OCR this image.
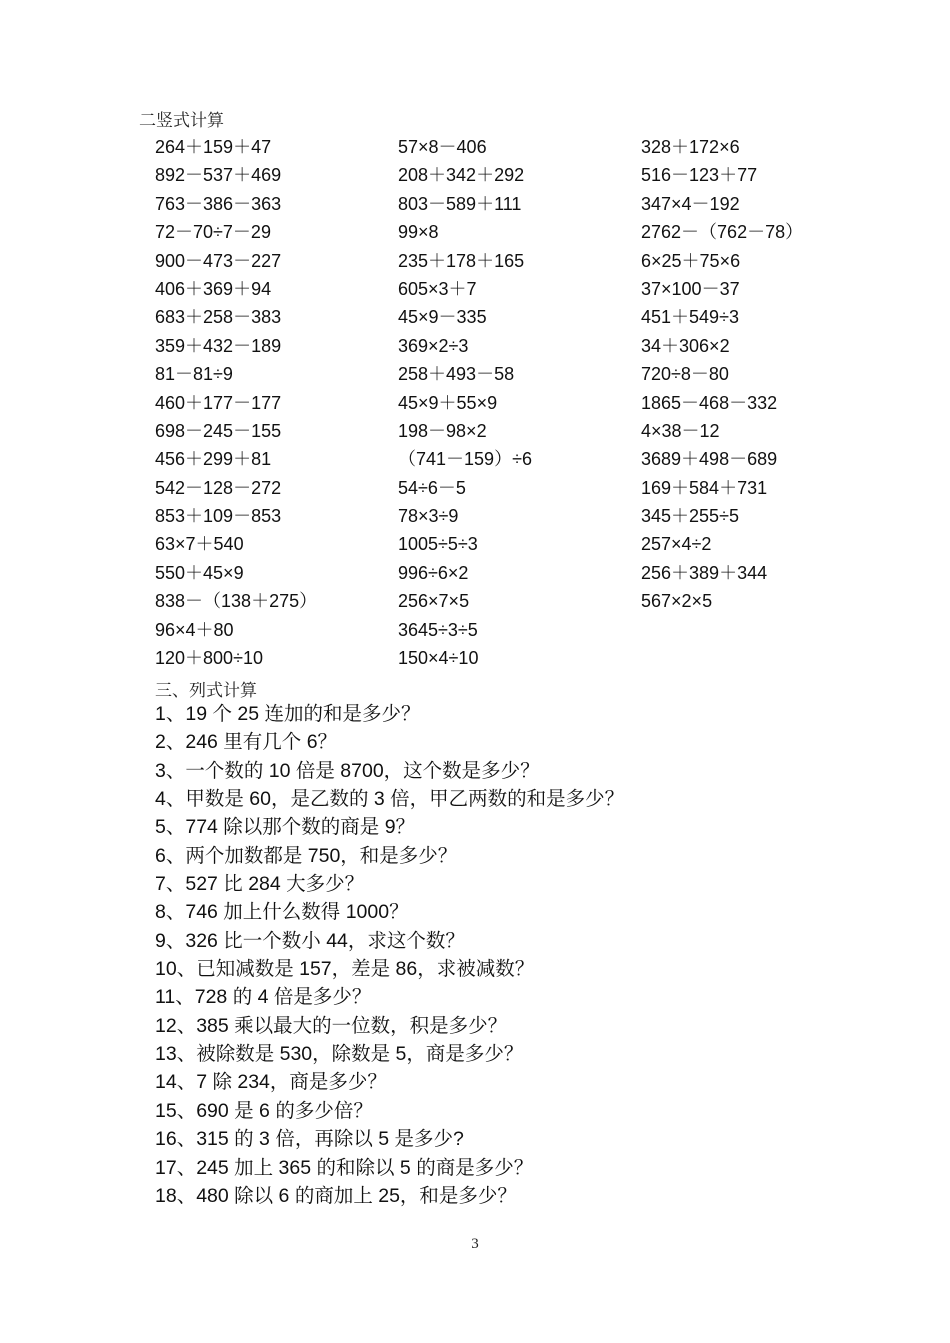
二竖式计算
264＋159＋47
892－537＋469
763－386－363
72－70÷7－29
900－473－227
406＋369＋94
683＋258－383
359＋432－189
81－81÷9
460＋177－177
698－245－155
456＋299＋81
542－128－272
853＋109－853
63×7＋540
550＋45×9
838－（138＋275）
96×4＋80
120＋800÷10
57×8－406
208＋342＋292
803－589＋111
99×8
235＋178＋165
605×3＋7
45×9－335
369×2÷3
258＋493－58
45×9＋55×9
198－98×2
（741－159）÷6
54÷6－5
78×3÷9
1005÷5÷3
996÷6×2
256×7×5
3645÷3÷5
150×4÷10
328＋172×6
516－123＋77
347×4－192
2762－（762－78）
6×25＋75×6
37×100－37
451＋549÷3
34＋306×2
720÷8－80
1865－468－332
4×38－12
3689＋498－689
169＋584＋731
345＋255÷5
257×4÷2
256＋389＋344
567×2×5
三、列式计算
1、19 个 25 连加的和是多少？
2、246 里有几个 6？
3、一个数的 10 倍是 8700，这个数是多少？
4、甲数是 60，是乙数的 3 倍，甲乙两数的和是多少？
5、774 除以那个数的商是 9？
6、两个加数都是 750，和是多少？
7、527 比 284 大多少？
8、746 加上什么数得 1000？
9、326 比一个数小 44，求这个数？
10、已知减数是 157，差是 86，求被减数？
11、728 的 4 倍是多少？
12、385 乘以最大的一位数，积是多少？
13、被除数是 530，除数是 5，商是多少？
14、7 除 234，商是多少？
15、690 是 6 的多少倍？
16、315 的 3 倍，再除以 5 是多少?
17、245 加上 365 的和除以 5 的商是多少？
18、480 除以 6 的商加上 25，和是多少？
3
